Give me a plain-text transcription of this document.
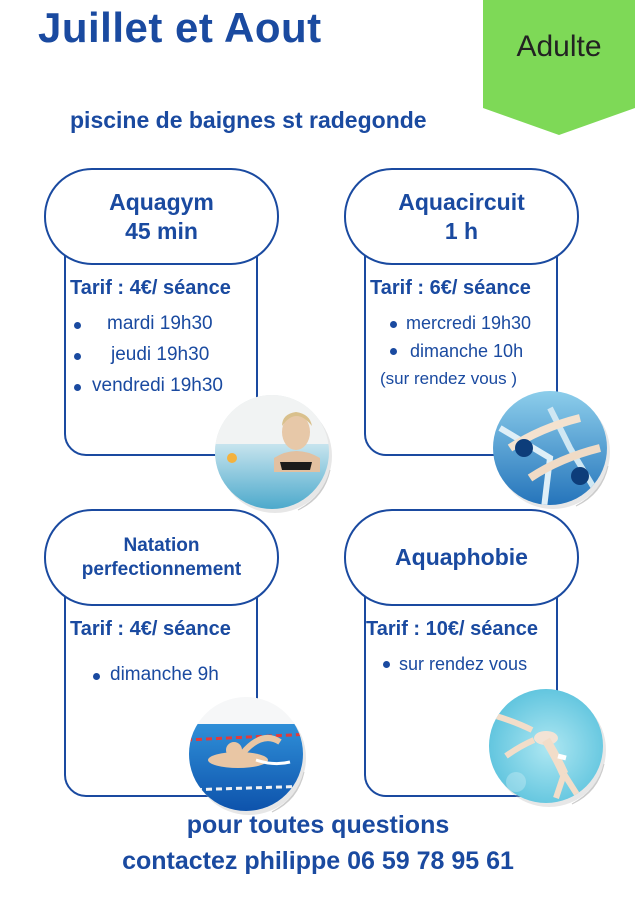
Juillet et Aout	Adulte
piscine de baignes st radegonde
Aquagym
45 min
Tarif : 4€/ séance
mardi 19h30
jeudi 19h30
vendredi 19h30
Aquacircuit
1 h
Tarif : 6€/ séance
mercredi 19h30
dimanche 10h
(sur rendez vous )
Natation
perfectionnement
Tarif : 4€/ séance
dimanche 9h
Aquaphobie
Tarif : 10€/ séance
sur rendez vous

pour toutes questions

contactez philippe 06 59 78 95 61
